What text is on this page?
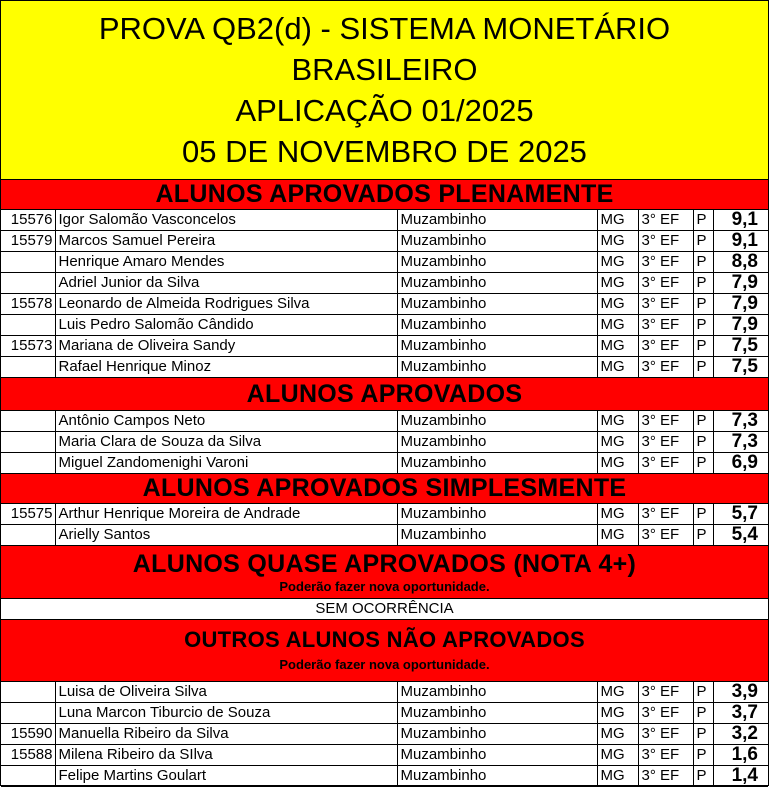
PROVA QB2(d) - SISTEMA MONETÁRIO
BRASILEIRO
APLICAÇÃO 01/2025
05 DE NOVEMBRO DE 2025
ALUNOS APROVADOS PLENAMENTE
15576	Igor Salomão Vasconcelos	Muzambinho	MG	3° EF	P	9,1
15579	Marcos Samuel Pereira	Muzambinho	MG	3° EF	P	9,1
	Henrique Amaro Mendes	Muzambinho	MG	3° EF	P	8,8
	Adriel Junior da Silva	Muzambinho	MG	3° EF	P	7,9
15578	Leonardo de Almeida Rodrigues Silva	Muzambinho	MG	3° EF	P	7,9
	Luis Pedro Salomão Cândido	Muzambinho	MG	3° EF	P	7,9
15573	Mariana de Oliveira Sandy	Muzambinho	MG	3° EF	P	7,5
	Rafael Henrique Minoz	Muzambinho	MG	3° EF	P	7,5
ALUNOS APROVADOS
	Antônio Campos Neto	Muzambinho	MG	3° EF	P	7,3
	Maria Clara de Souza da Silva	Muzambinho	MG	3° EF	P	7,3
	Miguel Zandomenighi Varoni	Muzambinho	MG	3° EF	P	6,9
ALUNOS APROVADOS SIMPLESMENTE
15575	Arthur Henrique Moreira de Andrade	Muzambinho	MG	3° EF	P	5,7
	Arielly Santos	Muzambinho	MG	3° EF	P	5,4
ALUNOS QUASE APROVADOS (NOTA 4+)
Poderão fazer nova oportunidade.
SEM OCORRÊNCIA
OUTROS ALUNOS NÃO APROVADOS
Poderão fazer nova oportunidade.
	Luisa de Oliveira Silva	Muzambinho	MG	3° EF	P	3,9
	Luna Marcon Tiburcio de Souza	Muzambinho	MG	3° EF	P	3,7
15590	Manuella Ribeiro da Silva	Muzambinho	MG	3° EF	P	3,2
15588	Milena Ribeiro da SIlva	Muzambinho	MG	3° EF	P	1,6
	Felipe Martins Goulart	Muzambinho	MG	3° EF	P	1,4
